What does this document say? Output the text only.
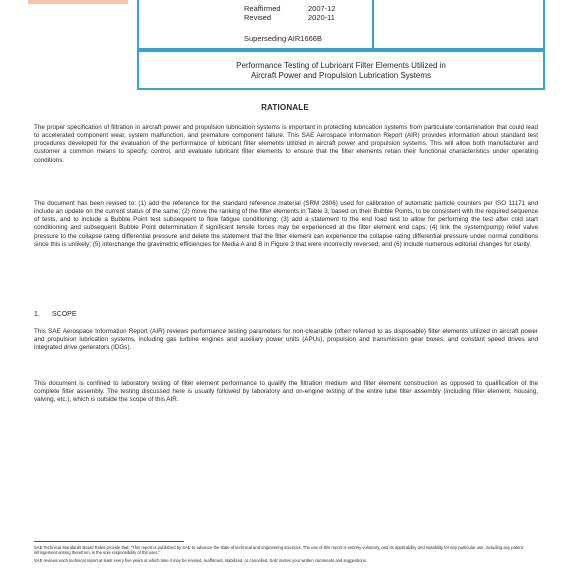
Reaffirmed	2007-12
Revised	2020-11
Superseding AIR1666B
Performance Testing of Lubricant Filter Elements Utilized in
Aircraft Power and Propulsion Lubrication Systems
RATIONALE

The proper specification of filtration in aircraft power and propulsion lubrication systems is important in protecting lubrication systems from particulate contamination that could lead to accelerated component wear, system malfunction, and premature component failure. This SAE Aerospace Information Report (AIR) provides information about standard test procedures developed for the evaluation of the performance of lubricant filter elements utilized in aircraft power and propulsion systems. This will allow both manufacturer and customer a common means to specify, control, and evaluate lubricant filter elements to ensure that the filter elements retain their functional characteristics under operating conditions.

The document has been revised to: (1) add the reference for the standard reference material (SRM 2806) used for calibration of automatic particle counters per ISO 11171 and include an update on the current status of the same; (2) move the ranking of the filter elements in Table 3, based on their Bubble Points, to be consistent with the required sequence of tests, and to include a Bubble Point test subsequent to flow fatigue conditioning; (3) add a statement to the end load test to allow for performing the test after cold start conditioning and subsequent Bubble Point determination if significant tensile forces may be experienced at the filter element end caps; (4) link the system(pump) relief valve pressure to the collapse rating differential pressure and delete the statement that the filter element can experience the collapse rating differential pressure under normal conditions since this is unlikely; (5) interchange the gravimetric efficiencies for Media A and B in Figure 3 that were incorrectly reversed; and (6) include numerous editorial changes for clarity.

1.	SCOPE

This SAE Aerospace Information Report (AIR) reviews performance testing parameters for non-cleanable (often referred to as disposable) filter elements utilized in aircraft power and propulsion lubrication systems, including gas turbine engines and auxiliary power units (APUs), propulsion and transmission gear boxes, and constant speed drives and integrated drive generators (IDGs).

This document is confined to laboratory testing of filter element performance to qualify the filtration medium and filter element construction as opposed to qualification of the complete filter assembly. The testing discussed here is usually followed by laboratory and on-engine testing of the entire lube filter assembly (including filter element, housing, valving, etc.), which is outside the scope of this AIR.

SAE Technical Standards Board Rules provide that: "This report is published by SAE to advance the state of technical and engineering sciences. The use of this report is entirely voluntary, and its applicability and suitability for any particular use, including any patent infringement arising therefrom, is the sole responsibility of the user."

SAE reviews each technical report at least every five years at which time it may be revised, reaffirmed, stabilized, or cancelled. SAE invites your written comments and suggestions.
